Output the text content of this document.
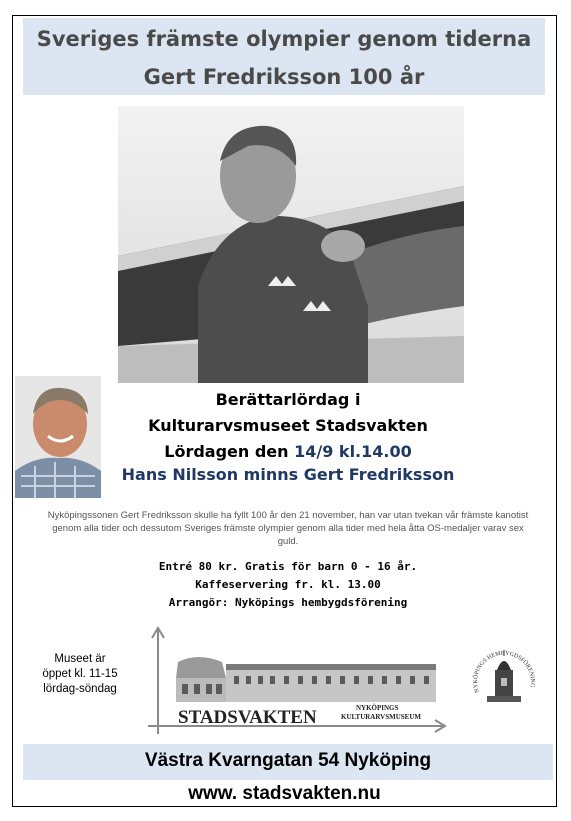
Sveriges främste olympier genom tiderna
Gert Fredriksson 100 år
Berättarlördag i
Kulturarvsmuseet Stadsvakten
Lördagen den 14/9 kl.14.00
Hans Nilsson minns Gert Fredriksson
Nyköpingssonen Gert Fredriksson skulle ha fyllt 100 år den 21 november, han var utan tvekan vår främste kanotist genom alla tider och dessutom Sveriges främste olympier genom alla tider med hela åtta OS-medaljer varav sex guld.
Entré 80 kr. Gratis för barn 0 - 16 år.
Kaffeservering fr. kl. 13.00
Arrangör: Nyköpings hembygdsförening
Museet är
öppet kl. 11-15
lördag-söndag
STADSVAKTEN	NYKÖPINGS
KULTURARVSMUSEUM
NYKÖPINGS HEMBYGDSFÖRENING
Västra Kvarngatan 54 Nyköping
www. stadsvakten.nu
